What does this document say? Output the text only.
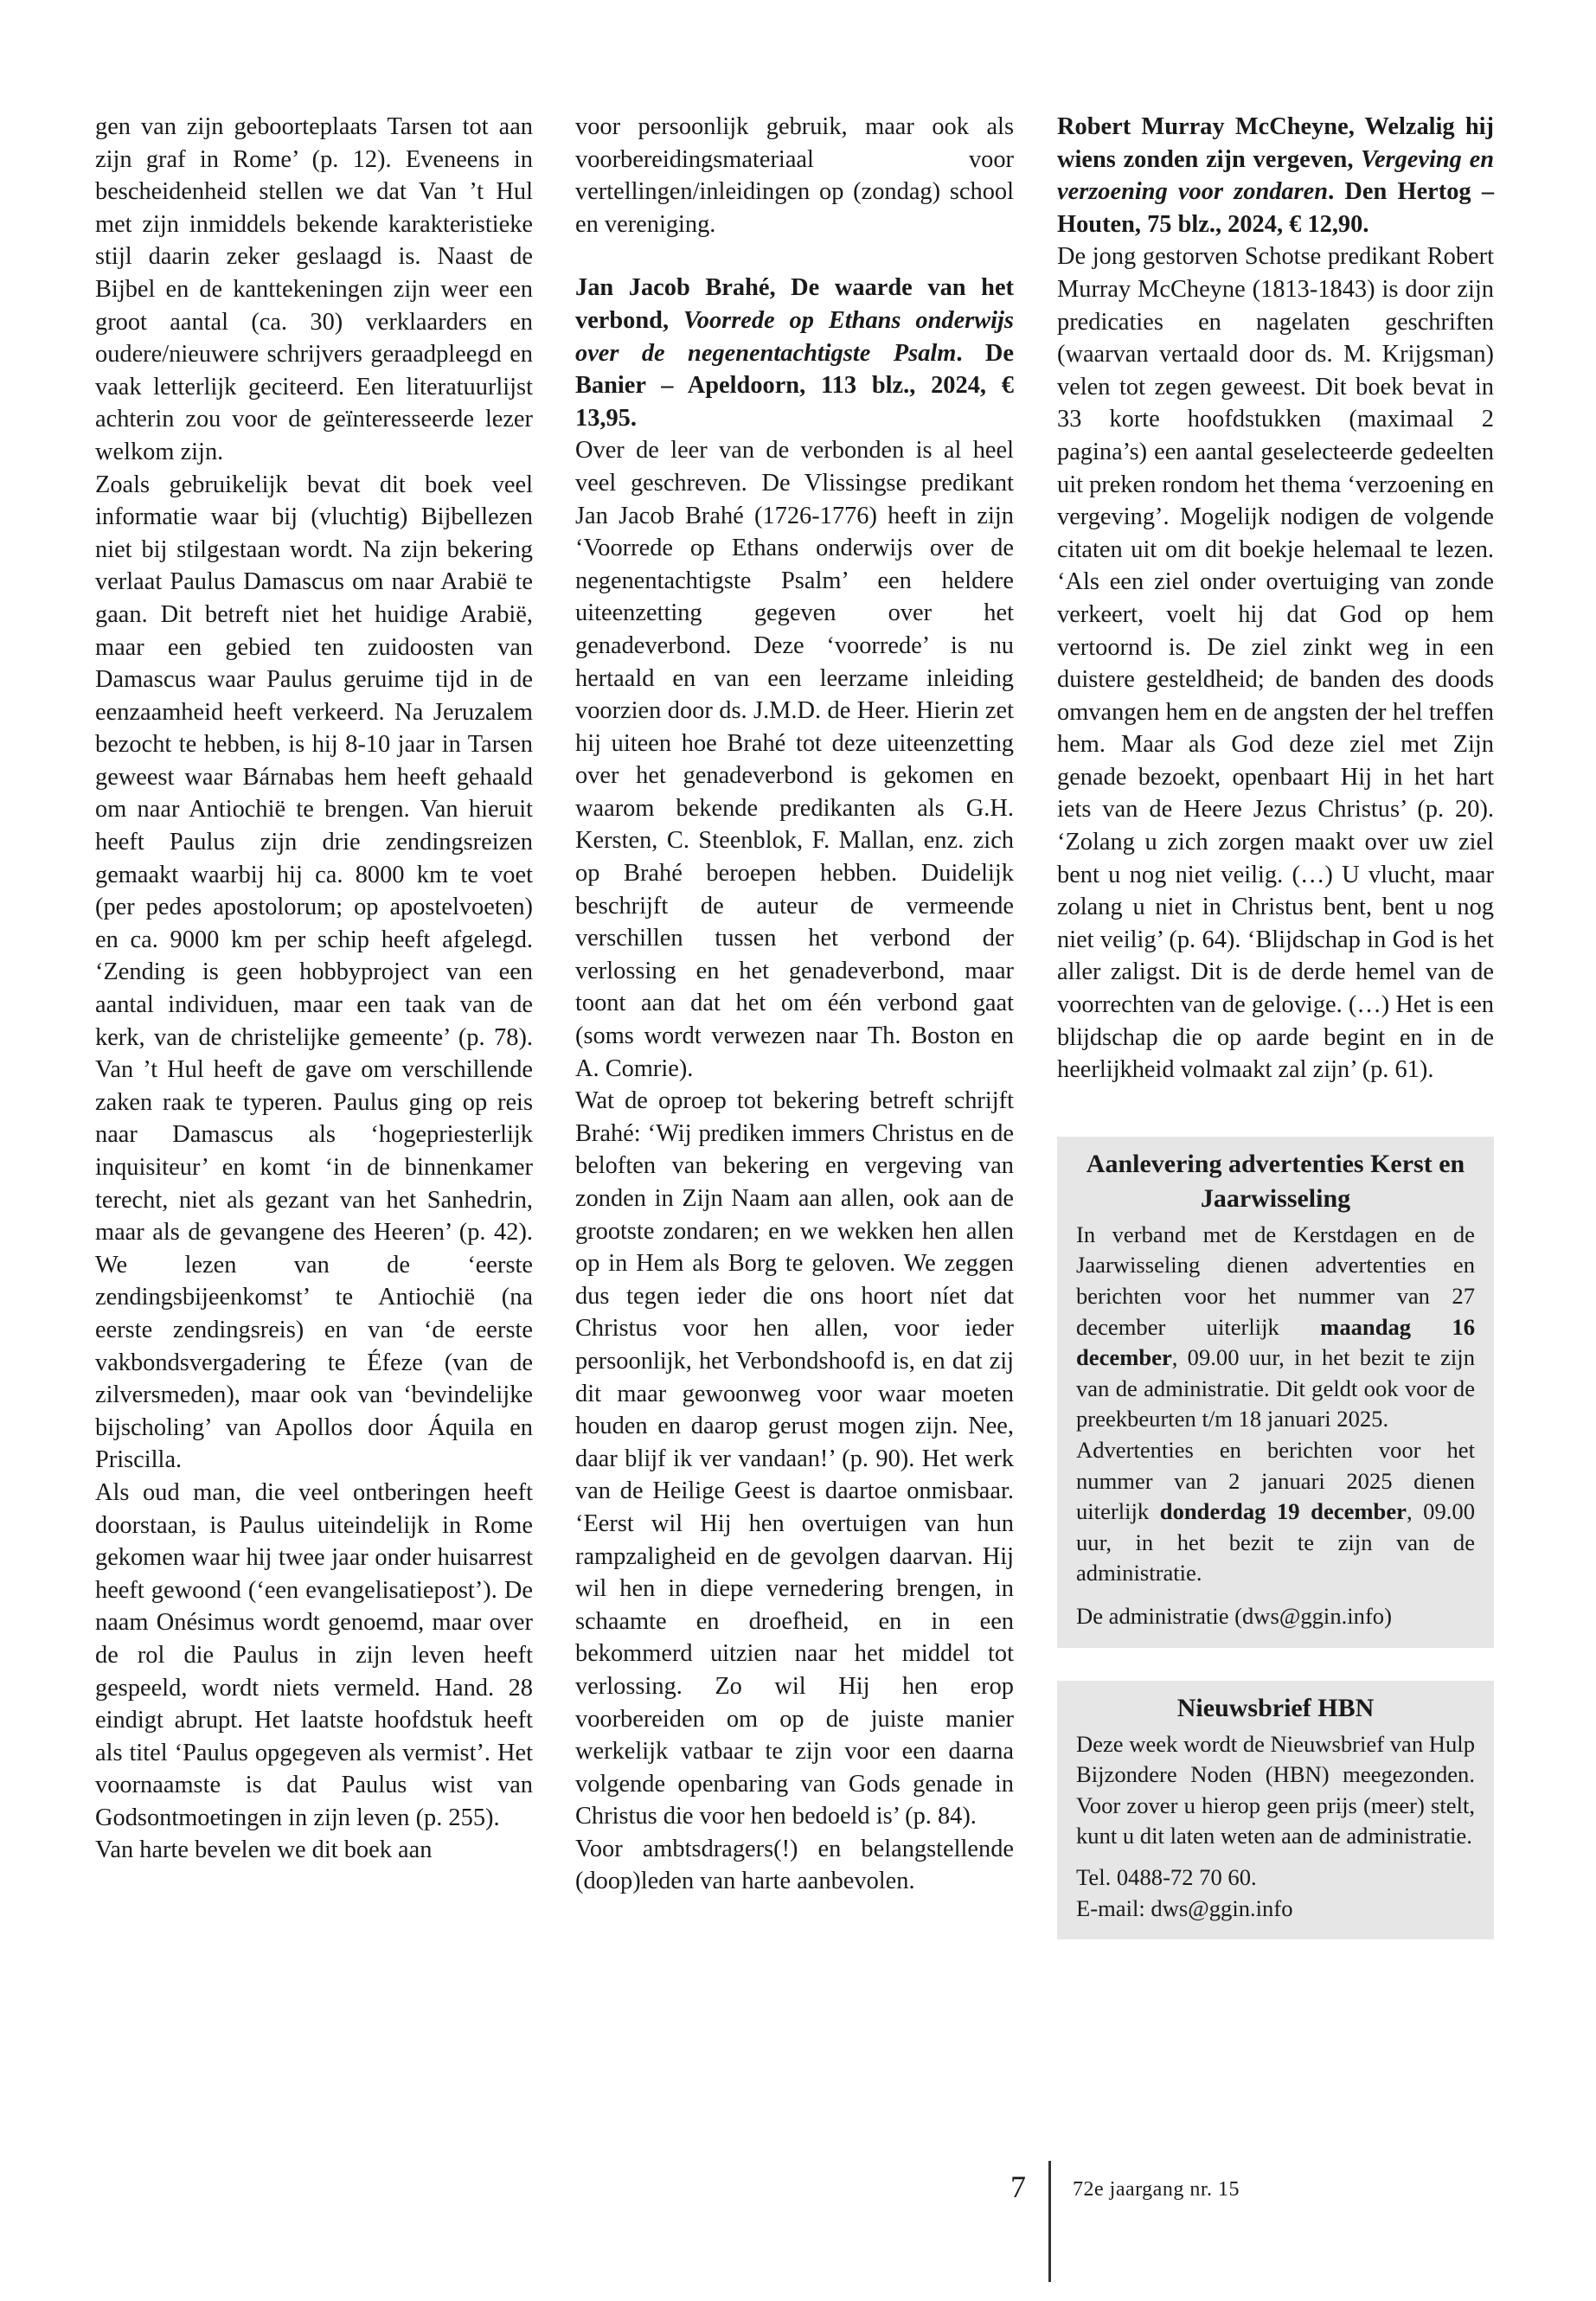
gen van zijn geboorteplaats Tarsen tot aan zijn graf in Rome’ (p. 12). Eveneens in bescheidenheid stellen we dat Van ’t Hul met zijn inmiddels bekende karakteristieke stijl daarin zeker geslaagd is. Naast de Bijbel en de kanttekeningen zijn weer een groot aantal (ca. 30) verklaarders en oudere/nieuwere schrijvers geraadpleegd en vaak letterlijk geciteerd. Een literatuurlijst achterin zou voor de geïnteresseerde lezer welkom zijn.

Zoals gebruikelijk bevat dit boek veel informatie waar bij (vluchtig) Bijbellezen niet bij stilgestaan wordt. Na zijn bekering verlaat Paulus Damascus om naar Arabië te gaan. Dit betreft niet het huidige Arabië, maar een gebied ten zuidoosten van Damascus waar Paulus geruime tijd in de eenzaamheid heeft verkeerd. Na Jeruzalem bezocht te hebben, is hij 8-10 jaar in Tarsen geweest waar Bárnabas hem heeft gehaald om naar Antiochië te brengen. Van hieruit heeft Paulus zijn drie zendingsreizen gemaakt waarbij hij ca. 8000 km te voet (per pedes apostolorum; op apostelvoeten) en ca. 9000 km per schip heeft afgelegd. ‘Zending is geen hobbyproject van een aantal individuen, maar een taak van de kerk, van de christelijke gemeente’ (p. 78). Van ’t Hul heeft de gave om verschillende zaken raak te typeren. Paulus ging op reis naar Damascus als ‘hogepriesterlijk inquisiteur’ en komt ‘in de binnenkamer terecht, niet als gezant van het Sanhedrin, maar als de gevangene des Heeren’ (p. 42). We lezen van de ‘eerste zendingsbijeenkomst’ te Antiochië (na eerste zendingsreis) en van ‘de eerste vakbondsvergadering te Éfeze (van de zilversmeden), maar ook van ‘bevindelijke bijscholing’ van Apollos door Áquila en Priscilla.

Als oud man, die veel ontberingen heeft doorstaan, is Paulus uiteindelijk in Rome gekomen waar hij twee jaar onder huisarrest heeft gewoond (‘een evangelisatiepost’). De naam Onésimus wordt genoemd, maar over de rol die Paulus in zijn leven heeft gespeeld, wordt niets vermeld. Hand. 28 eindigt abrupt. Het laatste hoofdstuk heeft als titel ‘Paulus opgegeven als vermist’. Het voornaamste is dat Paulus wist van Godsontmoetingen in zijn leven (p. 255).

Van harte bevelen we dit boek aan

voor persoonlijk gebruik, maar ook als voorbereidingsmateriaal voor vertellingen/inleidingen op (zondag) school en vereniging.

Jan Jacob Brahé, De waarde van het verbond, Voorrede op Ethans onderwijs over de negenentachtigste Psalm. De Banier – Apeldoorn, 113 blz., 2024, € 13,95.

Over de leer van de verbonden is al heel veel geschreven. De Vlissingse predikant Jan Jacob Brahé (1726-1776) heeft in zijn ‘Voorrede op Ethans onderwijs over de negenentachtigste Psalm’ een heldere uiteenzetting gegeven over het genadeverbond. Deze ‘voorrede’ is nu hertaald en van een leerzame inleiding voorzien door ds. J.M.D. de Heer. Hierin zet hij uiteen hoe Brahé tot deze uiteenzetting over het genadeverbond is gekomen en waarom bekende predikanten als G.H. Kersten, C. Steenblok, F. Mallan, enz. zich op Brahé beroepen hebben. Duidelijk beschrijft de auteur de vermeende verschillen tussen het verbond der verlossing en het genadeverbond, maar toont aan dat het om één verbond gaat (soms wordt verwezen naar Th. Boston en A. Comrie).

Wat de oproep tot bekering betreft schrijft Brahé: ‘Wij prediken immers Christus en de beloften van bekering en vergeving van zonden in Zijn Naam aan allen, ook aan de grootste zondaren; en we wekken hen allen op in Hem als Borg te geloven. We zeggen dus tegen ieder die ons hoort níet dat Christus voor hen allen, voor ieder persoonlijk, het Verbondshoofd is, en dat zij dit maar gewoonweg voor waar moeten houden en daarop gerust mogen zijn. Nee, daar blijf ik ver vandaan!’ (p. 90). Het werk van de Heilige Geest is daartoe onmisbaar. ‘Eerst wil Hij hen overtuigen van hun rampzaligheid en de gevolgen daarvan. Hij wil hen in diepe vernedering brengen, in schaamte en droefheid, en in een bekommerd uitzien naar het middel tot verlossing. Zo wil Hij hen erop voorbereiden om op de juiste manier werkelijk vatbaar te zijn voor een daarna volgende openbaring van Gods genade in Christus die voor hen bedoeld is’ (p. 84).

Voor ambtsdragers(!) en belangstellende (doop)leden van harte aanbevolen.

Robert Murray McCheyne, Welzalig hij wiens zonden zijn vergeven, Vergeving en verzoening voor zondaren. Den Hertog – Houten, 75 blz., 2024, € 12,90.

De jong gestorven Schotse predikant Robert Murray McCheyne (1813-1843) is door zijn predicaties en nagelaten geschriften (waarvan vertaald door ds. M. Krijgsman) velen tot zegen geweest. Dit boek bevat in 33 korte hoofdstukken (maximaal 2 pagina’s) een aantal geselecteerde gedeelten uit preken rondom het thema ‘verzoening en vergeving’. Mogelijk nodigen de volgende citaten uit om dit boekje helemaal te lezen. ‘Als een ziel onder overtuiging van zonde verkeert, voelt hij dat God op hem vertoornd is. De ziel zinkt weg in een duistere gesteldheid; de banden des doods omvangen hem en de angsten der hel treffen hem. Maar als God deze ziel met Zijn genade bezoekt, openbaart Hij in het hart iets van de Heere Jezus Christus’ (p. 20). ‘Zolang u zich zorgen maakt over uw ziel bent u nog niet veilig. (…) U vlucht, maar zolang u niet in Christus bent, bent u nog niet veilig’ (p. 64). ‘Blijdschap in God is het aller zaligst. Dit is de derde hemel van de voorrechten van de gelovige. (…) Het is een blijdschap die op aarde begint en in de heerlijkheid volmaakt zal zijn’ (p. 61).

Aanlevering advertenties Kerst en Jaarwisseling

In verband met de Kerstdagen en de Jaarwisseling dienen advertenties en berichten voor het nummer van 27 december uiterlijk maandag 16 december, 09.00 uur, in het bezit te zijn van de administratie. Dit geldt ook voor de preekbeurten t/m 18 januari 2025.

Advertenties en berichten voor het nummer van 2 januari 2025 dienen uiterlijk donderdag 19 december, 09.00 uur, in het bezit te zijn van de administratie.

De administratie (dws@ggin.info)

Nieuwsbrief HBN

Deze week wordt de Nieuwsbrief van Hulp Bijzondere Noden (HBN) meegezonden. Voor zover u hierop geen prijs (meer) stelt, kunt u dit laten weten aan de administratie.

Tel. 0488-72 70 60.
E-mail: dws@ggin.info
7 72e jaargang nr. 15
